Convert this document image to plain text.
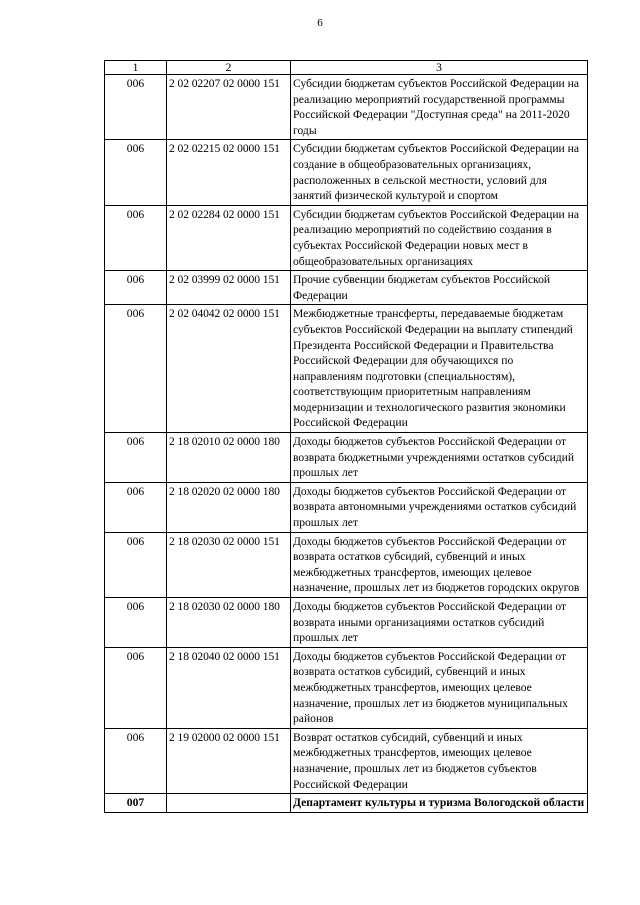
6
1	2	3
006	2 02 02207 02 0000 151	Субсидии бюджетам субъектов Российской Федерации на реализацию мероприятий государственной программы Российской Федерации "Доступная среда" на 2011-2020 годы
006	2 02 02215 02 0000 151	Субсидии бюджетам субъектов Российской Федерации на создание в общеобразовательных организациях, расположенных в сельской местности, условий для занятий физической культурой и спортом
006	2 02 02284 02 0000 151	Субсидии бюджетам субъектов Российской Федерации на реализацию мероприятий по содействию создания в субъектах Российской Федерации новых мест в общеобразовательных организациях
006	2 02 03999 02 0000 151	Прочие субвенции бюджетам субъектов Российской Федерации
006	2 02 04042 02 0000 151	Межбюджетные трансферты, передаваемые бюджетам субъектов Российской Федерации на выплату стипендий Президента Российской Федерации и Правительства Российской Федерации для обучающихся по направлениям подготовки (специальностям), соответствующим приоритетным направлениям модернизации и технологического развития экономики Российской Федерации
006	2 18 02010 02 0000 180	Доходы бюджетов субъектов Российской Федерации от возврата бюджетными учреждениями остатков субсидий прошлых лет
006	2 18 02020 02 0000 180	Доходы бюджетов субъектов Российской Федерации от возврата автономными учреждениями остатков субсидий прошлых лет
006	2 18 02030 02 0000 151	Доходы бюджетов субъектов Российской Федерации от возврата остатков субсидий, субвенций и иных межбюджетных трансфертов, имеющих целевое назначение, прошлых лет из бюджетов городских округов
006	2 18 02030 02 0000 180	Доходы бюджетов субъектов Российской Федерации от возврата иными организациями остатков субсидий прошлых лет
006	2 18 02040 02 0000 151	Доходы бюджетов субъектов Российской Федерации от возврата остатков субсидий, субвенций и иных межбюджетных трансфертов, имеющих целевое назначение, прошлых лет из бюджетов муниципальных районов
006	2 19 02000 02 0000 151	Возврат остатков субсидий, субвенций и иных межбюджетных трансфертов, имеющих целевое назначение, прошлых лет из бюджетов субъектов Российской Федерации
007		Департамент культуры и туризма Вологодской области
